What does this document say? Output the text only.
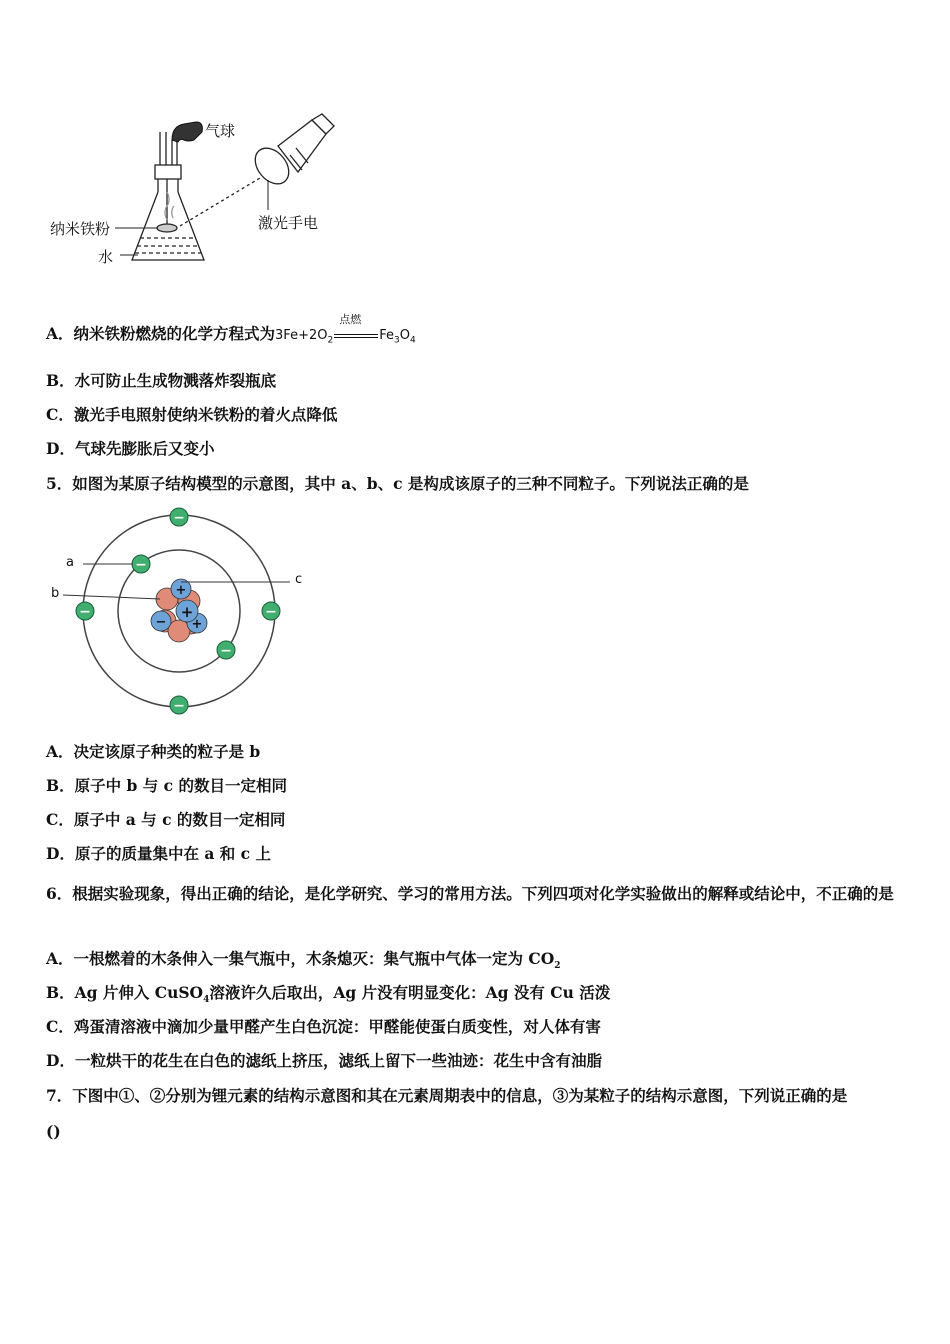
气球
激光手电
纳米铁粉
水
A．纳米铁粉燃烧的化学方程式为$3Fe+2O_2$
点燃
$Fe_3O_4$
B．水可防止生成物溅落炸裂瓶底
C．激光手电照射使纳米铁粉的着火点降低
D．气球先膨胀后又变小
5．如图为某原子结构模型的示意图，其中 a、b、c 是构成该原子的三种不同粒子。下列说法正确的是
+
− +
+
−
−
−	−
−
−
a
b
c
A．决定该原子种类的粒子是 b
B．原子中 b 与 c 的数目一定相同
C．原子中 a 与 c 的数目一定相同
D．原子的质量集中在 a 和 c 上
6．根据实验现象，得出正确的结论，是化学研究、学习的常用方法。下列四项对化学实验做出的解释或结论中，不正确的是
A．一根燃着的木条伸入一集气瓶中，木条熄灭：集气瓶中气体一定为 $CO_2$
B．Ag 片伸入 CuSO$_4$溶液许久后取出，Ag 片没有明显变化：Ag 没有 Cu 活泼
C．鸡蛋清溶液中滴加少量甲醛产生白色沉淀：甲醛能使蛋白质变性，对人体有害
D．一粒烘干的花生在白色的滤纸上挤压，滤纸上留下一些油迹：花生中含有油脂
7．下图中①、②分别为锂元素的结构示意图和其在元素周期表中的信息，③为某粒子的结构示意图，下列说正确的是
()
